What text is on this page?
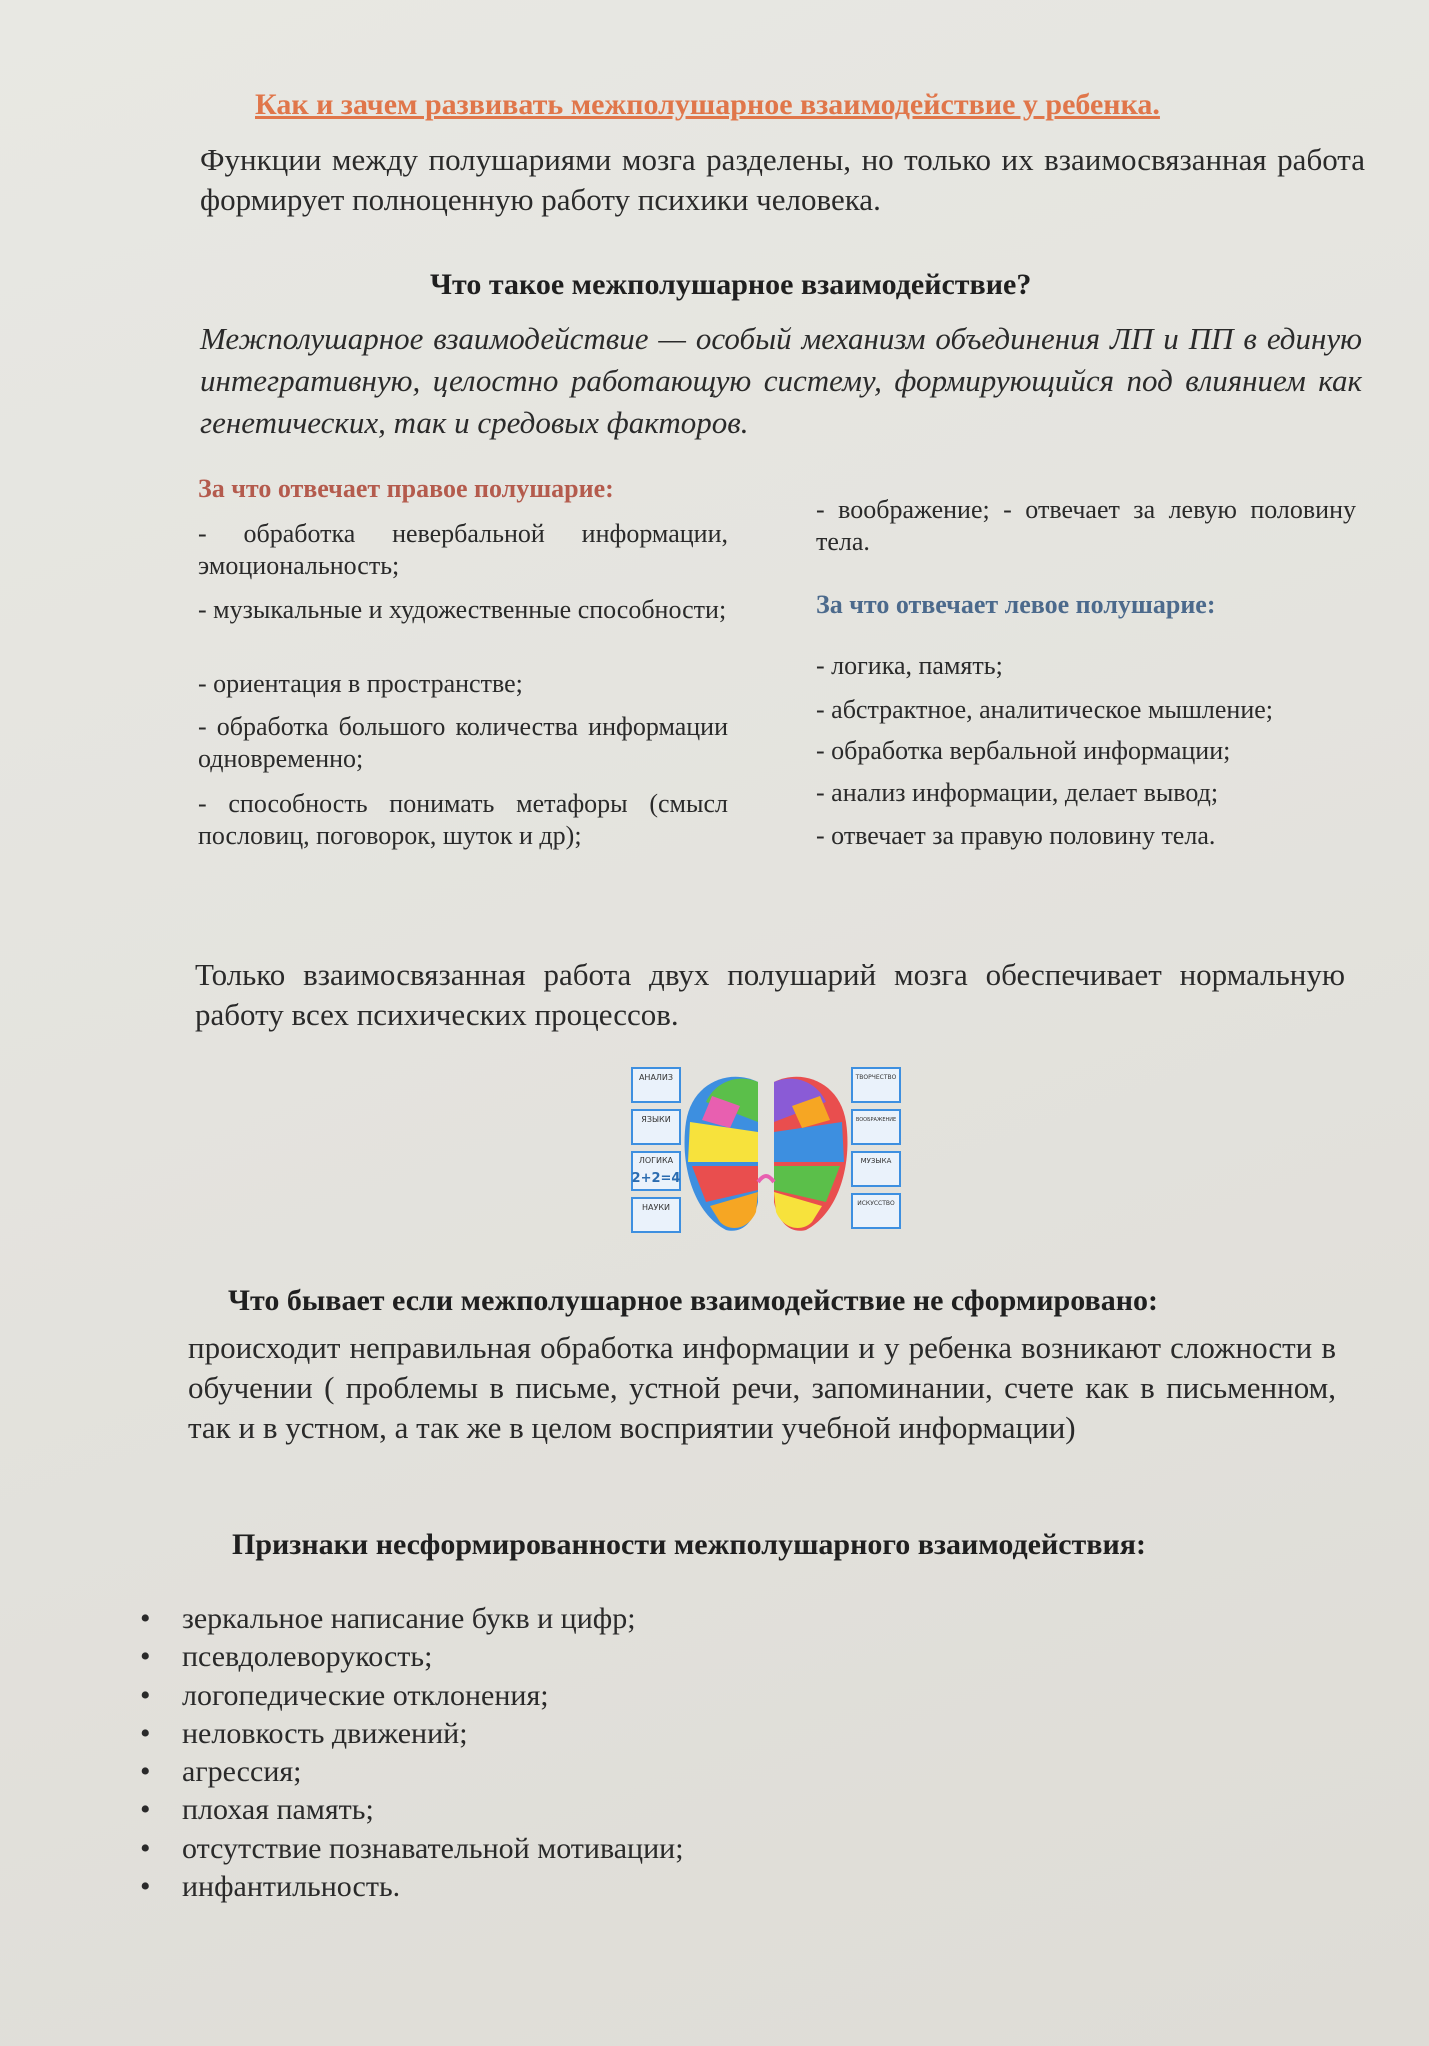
Как и зачем развивать межполушарное взаимодействие у ребенка.
Функции между полушариями мозга разделены, но только их взаимосвязанная работа формирует полноценную работу психики человека.
Что такое межполушарное взаимодействие?
Межполушарное взаимодействие — особый механизм объединения ЛП и ПП в единую интегративную, целостно работающую систему, формирующийся под влиянием как генетических, так и средовых факторов.
За что отвечает правое полушарие:
- обработка невербальной информации, эмоциональность;
- музыкальные и художественные способности;
- ориентация в пространстве;
- обработка большого количества информации одновременно;
- способность понимать метафоры (смысл пословиц, поговорок, шуток и др);
- воображение; - отвечает за левую половину тела.
За что отвечает левое полушарие:
- логика, память;
- абстрактное, аналитическое мышление;
- обработка вербальной информации;
- анализ информации, делает вывод;
- отвечает за правую половину тела.
Только взаимосвязанная работа двух полушарий мозга обеспечивает нормальную работу всех психических процессов.
АНАЛИЗ
ЯЗЫКИ
ЛОГИКА
2+2=4
НАУКИ
ТВОРЧЕСТВО
ВООБРАЖЕНИЕ
МУЗЫКА
ИСКУССТВО
Что бывает если межполушарное взаимодействие не сформировано:
происходит неправильная обработка информации и у ребенка возникают сложности в обучении ( проблемы в письме, устной речи, запоминании, счете как в письменном, так и в устном, а так же в целом восприятии учебной информации)
Признаки несформированности межполушарного взаимодействия:
• зеркальное написание букв и цифр;
• псевдолеворукость;
• логопедические отклонения;
• неловкость движений;
• агрессия;
• плохая память;
• отсутствие познавательной мотивации;
• инфантильность.
